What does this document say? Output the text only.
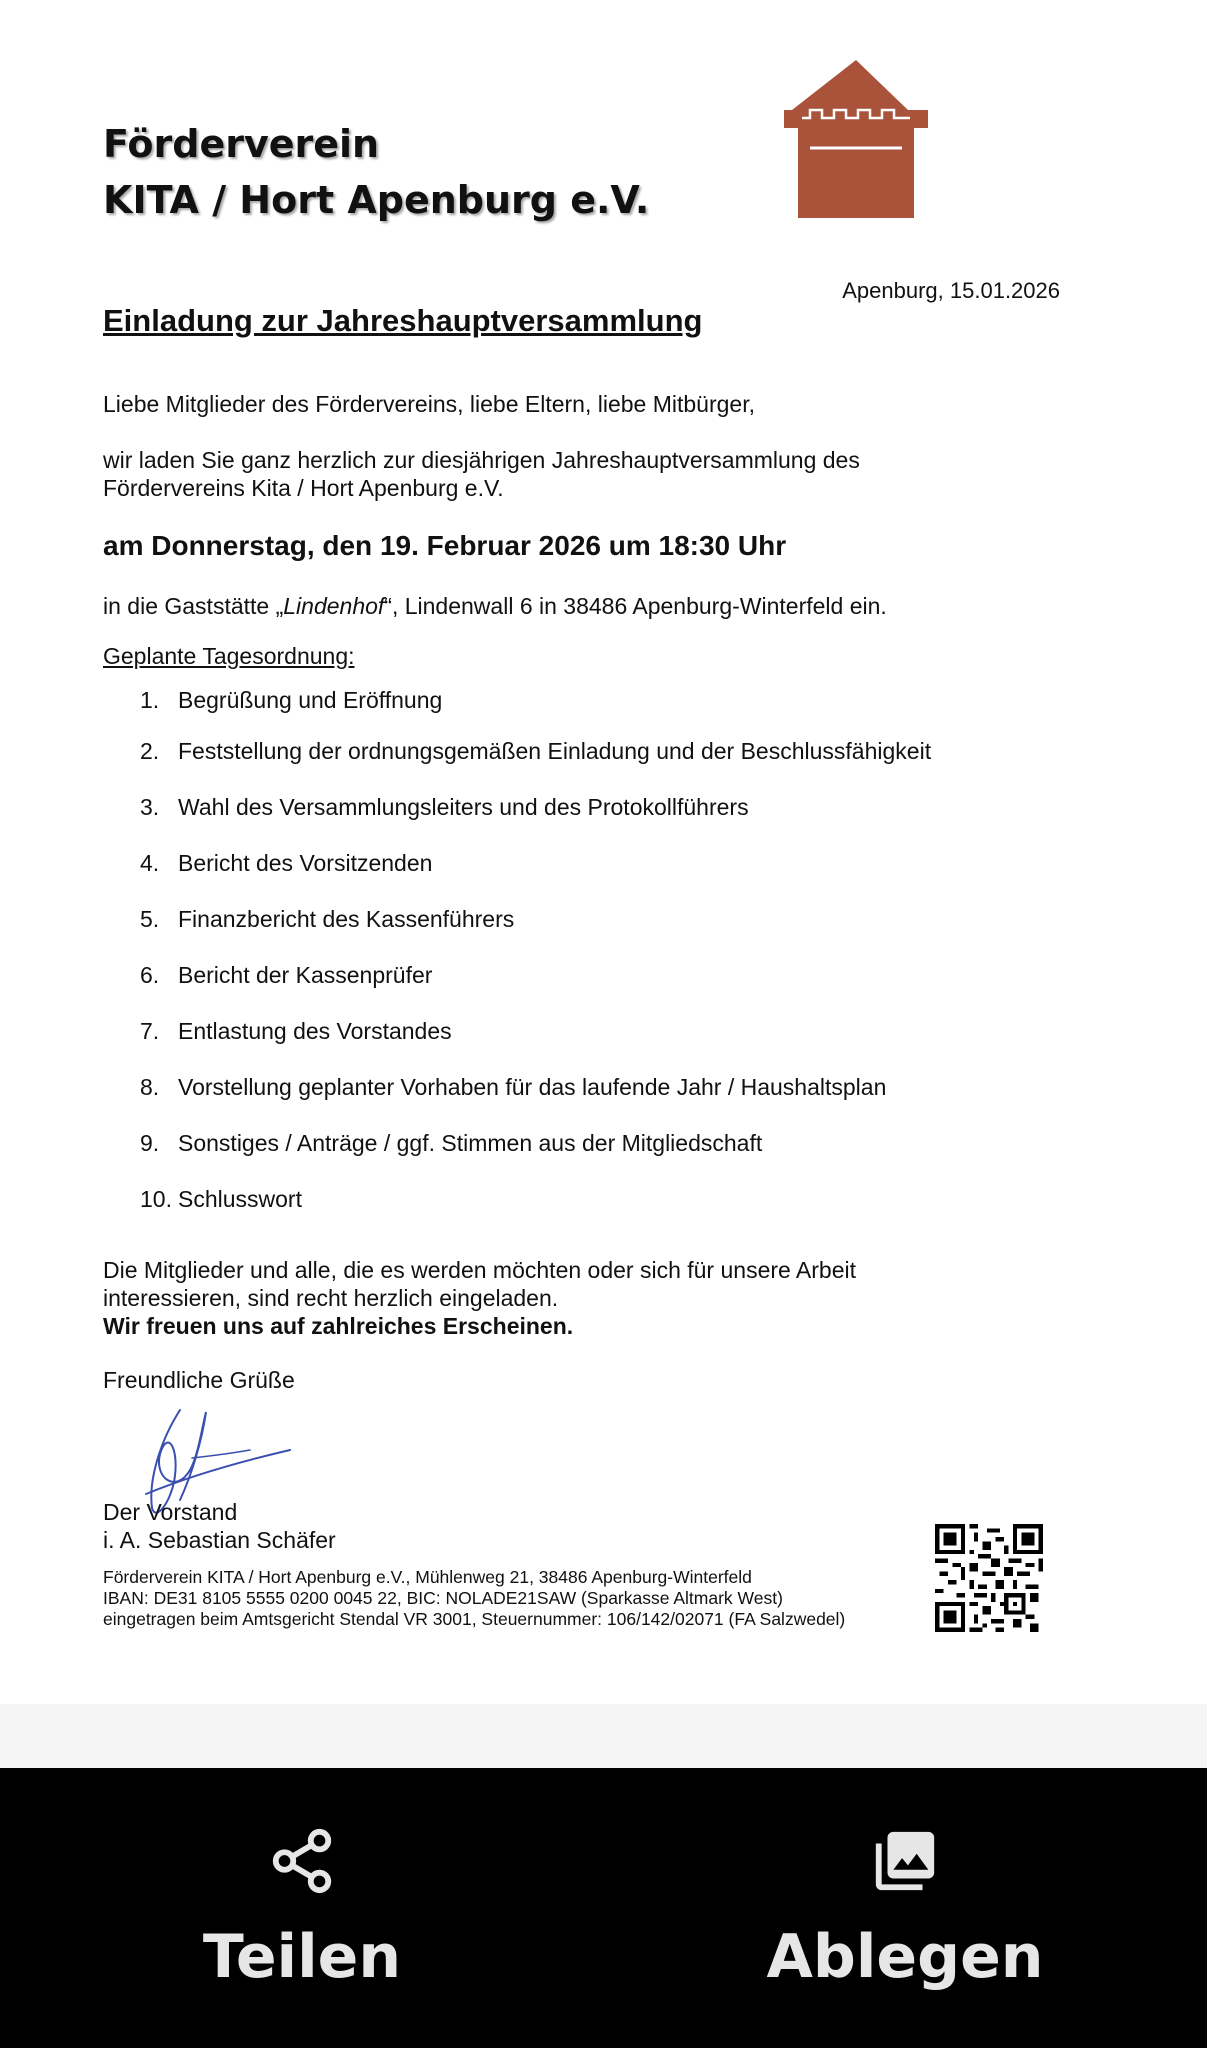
Förderverein
KITA / Hort Apenburg e.V.
Apenburg, 15.01.2026
Einladung zur Jahreshauptversammlung
Liebe Mitglieder des Fördervereins, liebe Eltern, liebe Mitbürger,
wir laden Sie ganz herzlich zur diesjährigen Jahreshauptversammlung des
Fördervereins Kita / Hort Apenburg e.V.
am Donnerstag, den 19. Februar 2026 um 18:30 Uhr
in die Gaststätte „Lindenhof“, Lindenwall 6 in 38486 Apenburg-Winterfeld ein.
Geplante Tagesordnung:
1. Begrüßung und Eröffnung
2. Feststellung der ordnungsgemäßen Einladung und der Beschlussfähigkeit
3. Wahl des Versammlungsleiters und des Protokollführers
4. Bericht des Vorsitzenden
5. Finanzbericht des Kassenführers
6. Bericht der Kassenprüfer
7. Entlastung des Vorstandes
8. Vorstellung geplanter Vorhaben für das laufende Jahr / Haushaltsplan
9. Sonstiges / Anträge / ggf. Stimmen aus der Mitgliedschaft
10. Schlusswort
Die Mitglieder und alle, die es werden möchten oder sich für unsere Arbeit
interessieren, sind recht herzlich eingeladen.
Wir freuen uns auf zahlreiches Erscheinen.
Freundliche Grüße
Der Vorstand
i. A. Sebastian Schäfer
Förderverein KITA / Hort Apenburg e.V., Mühlenweg 21, 38486 Apenburg-Winterfeld
IBAN: DE31 8105 5555 0200 0045 22, BIC: NOLADE21SAW (Sparkasse Altmark West)
eingetragen beim Amtsgericht Stendal VR 3001, Steuernummer: 106/142/02071 (FA Salzwedel)
Teilen	Ablegen
